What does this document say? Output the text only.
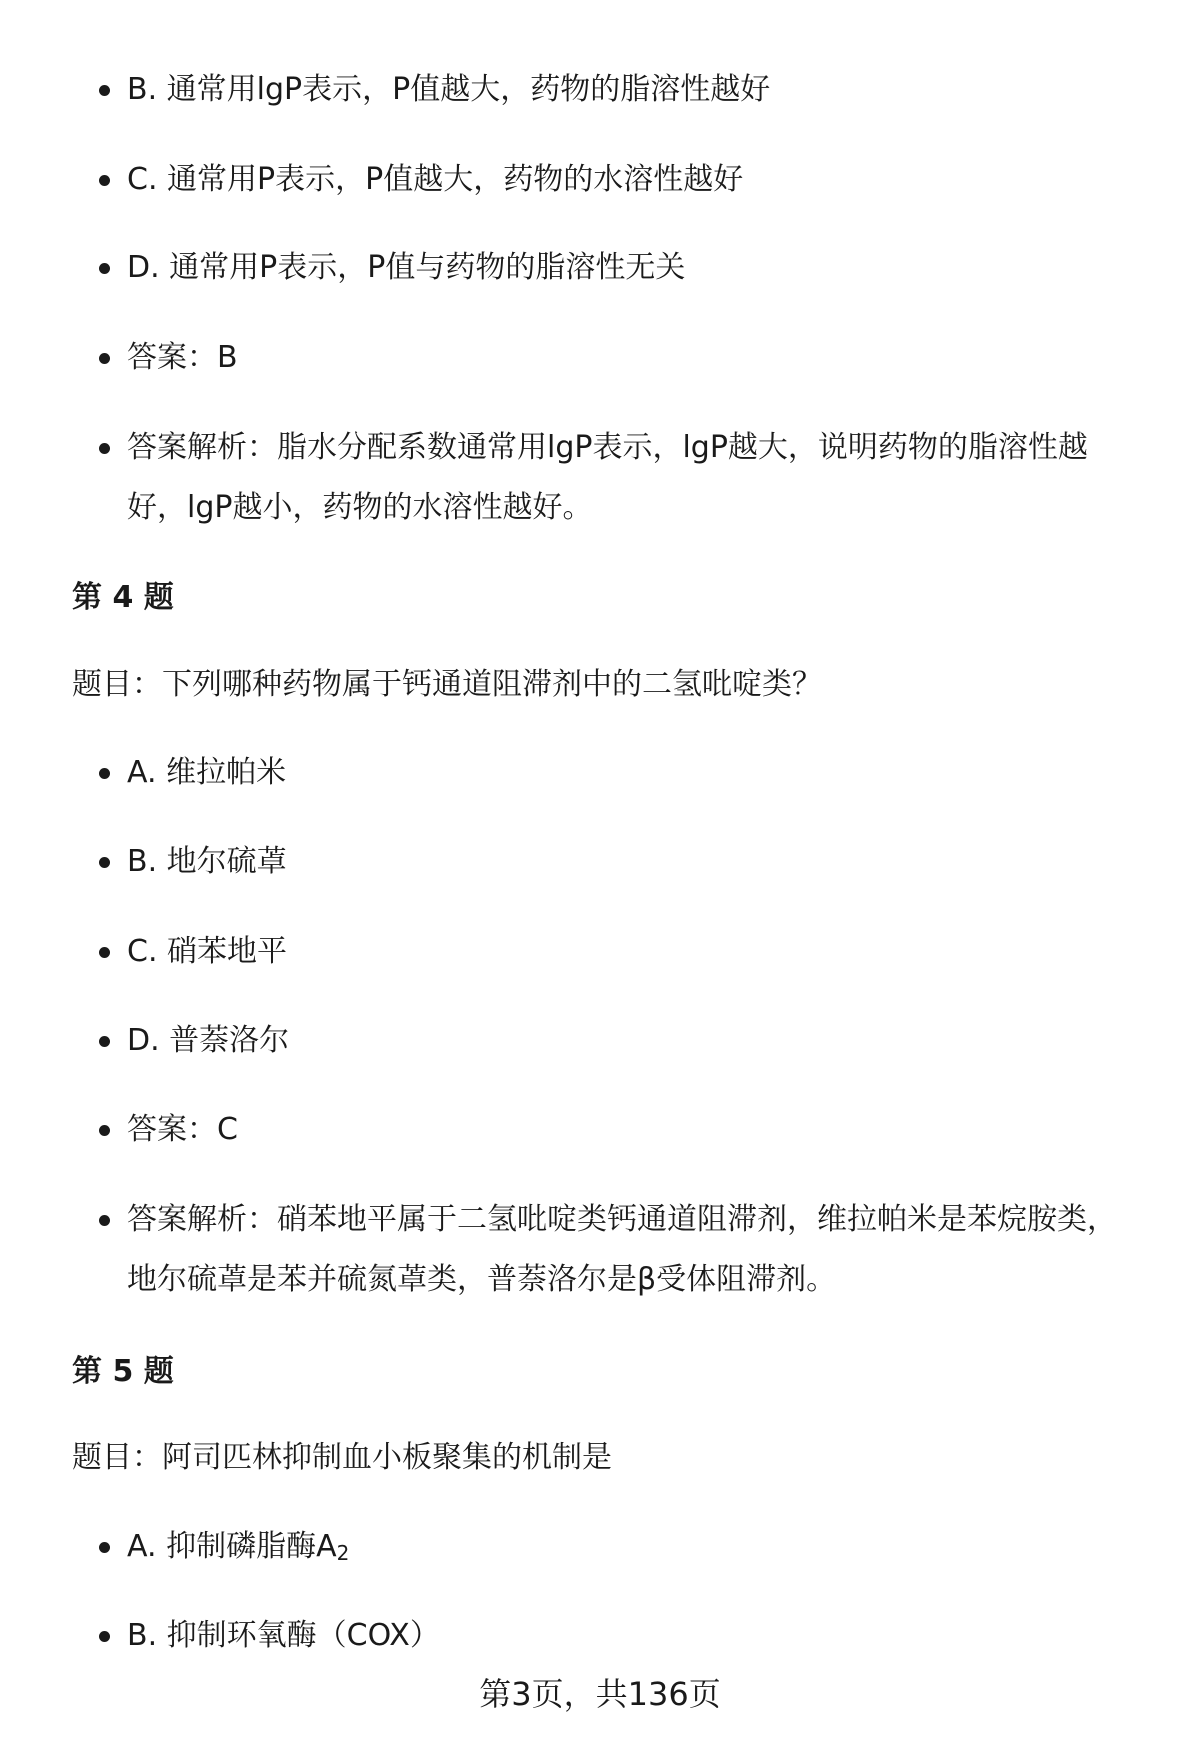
B. 通常用lgP表示，P值越大，药物的脂溶性越好

C. 通常用P表示，P值越大，药物的水溶性越好

D. 通常用P表示，P值与药物的脂溶性无关

答案：B

答案解析：脂水分配系数通常用lgP表示，lgP越大，说明药物的脂溶性越好，lgP越小，药物的水溶性越好。

第 4 题

题目：下列哪种药物属于钙通道阻滞剂中的二氢吡啶类？

A. 维拉帕米

B. 地尔硫䓬

C. 硝苯地平

D. 普萘洛尔

答案：C

答案解析：硝苯地平属于二氢吡啶类钙通道阻滞剂，维拉帕米是苯烷胺类，地尔硫䓬是苯并硫氮䓬类，普萘洛尔是β受体阻滞剂。

第 5 题

题目：阿司匹林抑制血小板聚集的机制是

A. 抑制磷脂酶$A_2$

B. 抑制环氧酶（COX）

第3页，共136页
